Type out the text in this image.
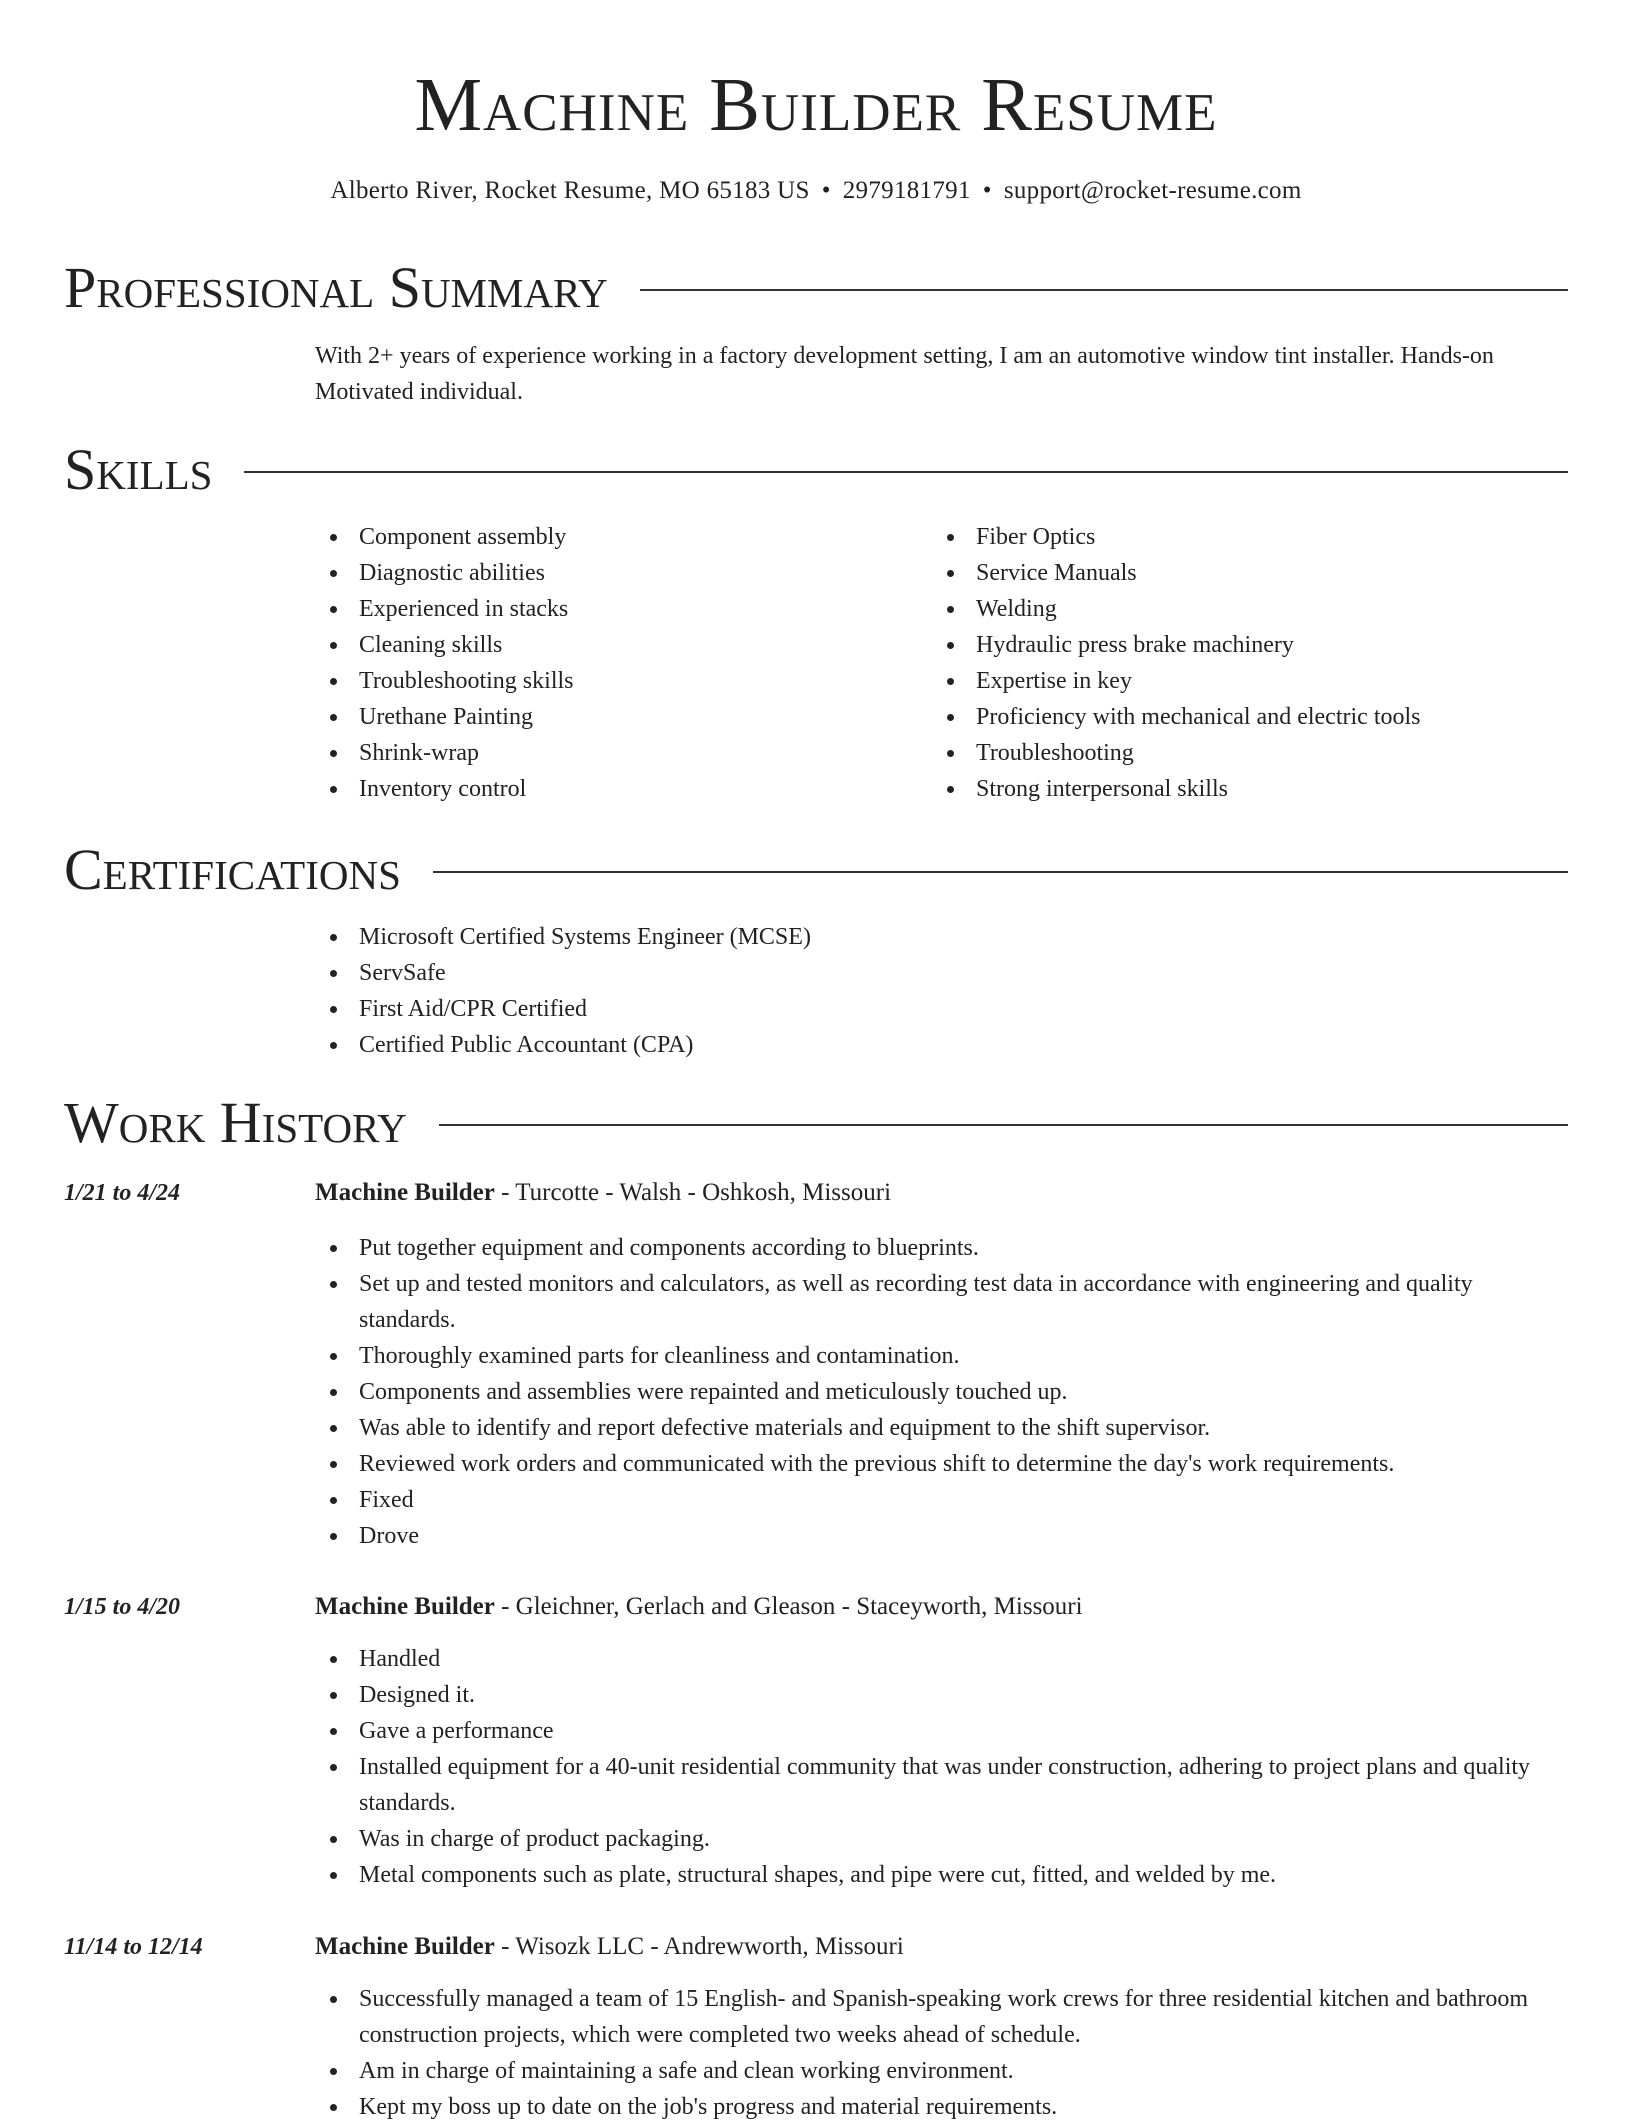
Machine Builder Resume
Alberto River, Rocket Resume, MO 65183 US • 2979181791 • support@rocket-resume.com
Professional Summary
With 2+ years of experience working in a factory development setting, I am an automotive window tint installer. Hands-on Motivated individual.
Skills
Component assembly
Diagnostic abilities
Experienced in stacks
Cleaning skills
Troubleshooting skills
Urethane Painting
Shrink-wrap
Inventory control
Fiber Optics
Service Manuals
Welding
Hydraulic press brake machinery
Expertise in key
Proficiency with mechanical and electric tools
Troubleshooting
Strong interpersonal skills
Certifications
Microsoft Certified Systems Engineer (MCSE)
ServSafe
First Aid/CPR Certified
Certified Public Accountant (CPA)
Work History
1/21 to 4/24	Machine Builder - Turcotte - Walsh - Oshkosh, Missouri
Put together equipment and components according to blueprints.
Set up and tested monitors and calculators, as well as recording test data in accordance with engineering and quality standards.
Thoroughly examined parts for cleanliness and contamination.
Components and assemblies were repainted and meticulously touched up.
Was able to identify and report defective materials and equipment to the shift supervisor.
Reviewed work orders and communicated with the previous shift to determine the day's work requirements.
Fixed
Drove
1/15 to 4/20	Machine Builder - Gleichner, Gerlach and Gleason - Staceyworth, Missouri
Handled
Designed it.
Gave a performance
Installed equipment for a 40-unit residential community that was under construction, adhering to project plans and quality standards.
Was in charge of product packaging.
Metal components such as plate, structural shapes, and pipe were cut, fitted, and welded by me.
11/14 to 12/14	Machine Builder - Wisozk LLC - Andrewworth, Missouri
Successfully managed a team of 15 English- and Spanish-speaking work crews for three residential kitchen and bathroom construction projects, which were completed two weeks ahead of schedule.
Am in charge of maintaining a safe and clean working environment.
Kept my boss up to date on the job's progress and material requirements.
